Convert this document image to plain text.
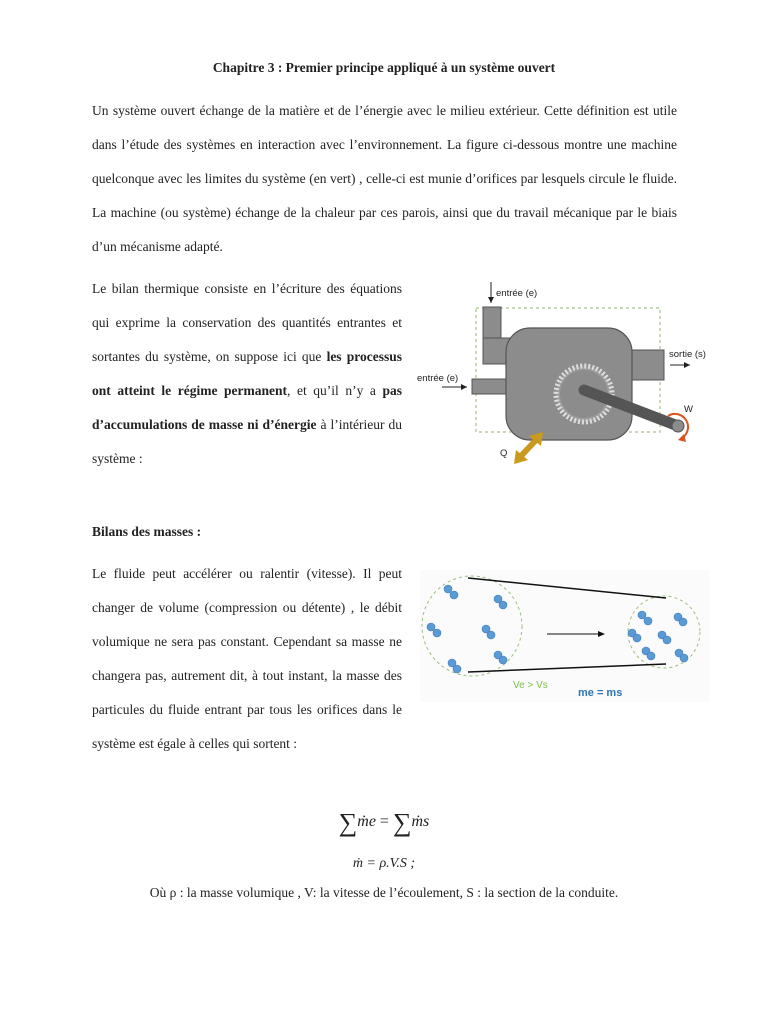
Chapitre 3 : Premier principe appliqué à un système ouvert
Un système ouvert échange de la matière et de l’énergie avec le milieu extérieur. Cette définition est utile dans l’étude des systèmes en interaction avec l’environnement. La figure ci-dessous montre une machine quelconque avec les limites du système (en vert) , celle-ci est munie d’orifices par lesquels circule le fluide. La machine (ou système) échange de la chaleur par ces parois, ainsi que du travail mécanique par le biais d’un mécanisme adapté.
Le bilan thermique consiste en l’écriture des équations qui exprime la conservation des quantités entrantes et sortantes du système, on suppose ici que les processus ont atteint le régime permanent, et qu’il n’y a pas d’accumulations de masse ni d’énergie à l’intérieur du système :
entrée (e)
entrée (e)
sortie (s)
W
Q
Bilans des masses :
Le fluide peut accélérer ou ralentir (vitesse). Il peut changer de volume (compression ou détente) , le débit volumique ne sera pas constant. Cependant sa masse ne changera pas, autrement dit, à tout instant, la masse des particules du fluide entrant par tous les orifices dans le système est égale à celles qui sortent :
Ve > Vs
me = ms
∑ṁe = ∑ṁs
ṁ = ρ.V.S ;
Où ρ : la masse volumique , V: la vitesse de l’écoulement, S : la section de la conduite.
